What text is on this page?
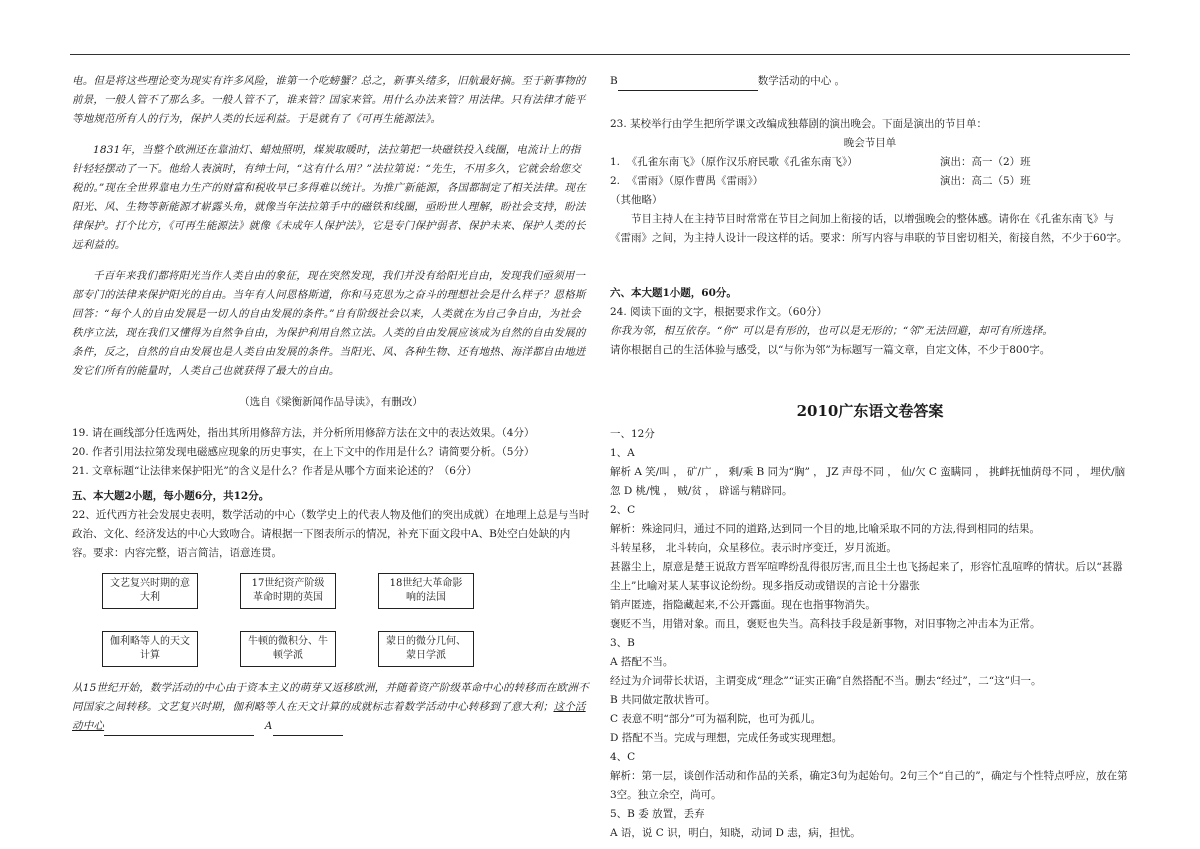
电。但是将这些理论变为现实有许多风险，谁第一个吃螃蟹？总之，新事头绪多，旧航最好摘。至于新事物的前景，一般人管不了那么多。一般人管不了，谁来管？国家来管。用什么办法来管？用法律。只有法律才能平等地规范所有人的行为，保护人类的长远利益。于是就有了《可再生能源法》。

1831年，当整个欧洲还在靠油灯、蜡烛照明，煤炭取暖时，法拉第把一块磁铁投入线圈，电流计上的指针轻轻摆动了一下。他给人表演时，有绅士问，“这有什么用？”法拉第说：“先生，不用多久，它就会给您交税的。”现在全世界靠电力生产的财富和税收早已多得难以统计。为推广新能源，各国都制定了相关法律。现在阳光、风、生物等新能源才崭露头角，就像当年法拉第手中的磁铁和线圈，亟盼世人理解，盼社会支持，盼法律保护。打个比方，《可再生能源法》就像《未成年人保护法》，它是专门保护弱者、保护未来、保护人类的长远利益的。

千百年来我们都将阳光当作人类自由的象征，现在突然发现，我们并没有给阳光自由，发现我们亟须用一部专门的法律来保护阳光的自由。当年有人问恩格斯道，你和马克思为之奋斗的理想社会是什么样子？恩格斯回答：“每个人的自由发展是一切人的自由发展的条件。”自有阶级社会以来，人类就在为自己争自由，为社会秩序立法，现在我们又懂得为自然争自由，为保护利用自然立法。人类的自由发展应该成为自然的自由发展的条件，反之，自然的自由发展也是人类自由发展的条件。当阳光、风、各种生物、还有地热、海洋都自由地迸发它们所有的能量时，人类自己也就获得了最大的自由。

（选自《梁衡新闻作品导读》，有删改）

19. 请在画线部分任选两处，指出其所用修辞方法，并分析所用修辞方法在文中的表达效果。（4分）

20. 作者引用法拉第发现电磁感应现象的历史事实，在上下文中的作用是什么？请简要分析。（5分）

21. 文章标题“让法律来保护阳光”的含义是什么？作者是从哪个方面来论述的？（6分）

五、本大题2小题，每小题6分，共12分。

22、近代西方社会发展史表明，数学活动的中心（数学史上的代表人物及他们的突出成就）在地理上总是与当时政治、文化、经济发达的中心大致吻合。请根据一下图表所示的情况，补充下面文段中A、B处空白处缺的内容。要求：内容完整，语言简洁，语意连贯。

文艺复兴时期的意大利
17世纪资产阶级革命时期的英国
18世纪大革命影响的法国
伽利略等人的天文计算
牛顿的微积分、牛顿学派
蒙日的微分几何、蒙日学派

从15世纪开始，数学活动的中心由于资本主义的萌芽又返移欧洲，并随着资产阶级革命中心的转移而在欧洲不同国家之间转移。文艺复兴时期，伽利略等人在天文计算的成就标志着数学活动中心转移到了意大利；这个活动中心	A

B	数学活动的中心 。

23. 某校举行由学生把所学课文改编成独幕剧的演出晚会。下面是演出的节目单：

晚会节目单

1. 《孔雀东南飞》（原作汉乐府民歌《孔雀东南飞》）	演出：高一（2）班
2. 《雷雨》（原作曹禺《雷雨》）	演出：高二（5）班

（其他略）

节目主持人在主持节目时常常在节目之间加上衔接的话，以增强晚会的整体感。请你在《孔雀东南飞》与《雷雨》之间，为主持人设计一段这样的话。要求：所写内容与串联的节目密切相关，衔接自然，不少于60字。

六、本大题1小题，60分。

24. 阅读下面的文字，根据要求作文。（60分）

你我为邻，相互依存。“你” 可以是有形的，也可以是无形的；“邻”无法回避，却可有所选择。

请你根据自己的生活体验与感受，以“与你为邻”为标题写一篇文章，自定文体，不少于800字。

2010广东语文卷答案

一、12分

1、A

解析 A 笑/叫 ， 矿/广 ， 剩/乘 B 同为“胸” ， JZ 声母不同 ， 仙/欠 C 蛮瞒同 ， 挑衅抚恤荫母不同 ， 埋伏/脑忽 D 桃/愧 ， 贼/贫 ， 辟谣与精辟同。

2、C

解析：殊途同归，通过不同的道路,达到同一个目的地,比喻采取不同的方法,得到相同的结果。

斗转星移， 北斗转向，众星移位。表示时序变迁，岁月流逝。

甚嚣尘上，原意是楚王说敌方晋军喧哗纷乱得很厉害,而且尘土也飞扬起来了，形容忙乱喧哗的情状。后以“甚嚣尘上”比喻对某人某事议论纷纷。现多指反动或错误的言论十分嚣张

销声匿迹，指隐藏起来,不公开露面。现在也指事物消失。

褒贬不当，用错对象。而且，褒贬也失当。高科技手段是新事物，对旧事物之冲击本为正常。

3、B

A 搭配不当。

经过为介词带长状语，主谓变成“理念”“证实正确”自然搭配不当。删去“经过”，二“这”归一。

B 共同做定散状皆可。

C 表意不明“部分”可为福利院，也可为孤儿。

D 搭配不当。完成与理想，完成任务或实现理想。

4、C

解析：第一层，谈创作活动和作品的关系，确定3句为起始句。2句三个“自己的”，确定与个性特点呼应，放在第3空。独立余空，尚可。

5、B 委 放置，丢弃

A 语，说 C 识，明白，知晓，动词 D 恚，病，担忧。
